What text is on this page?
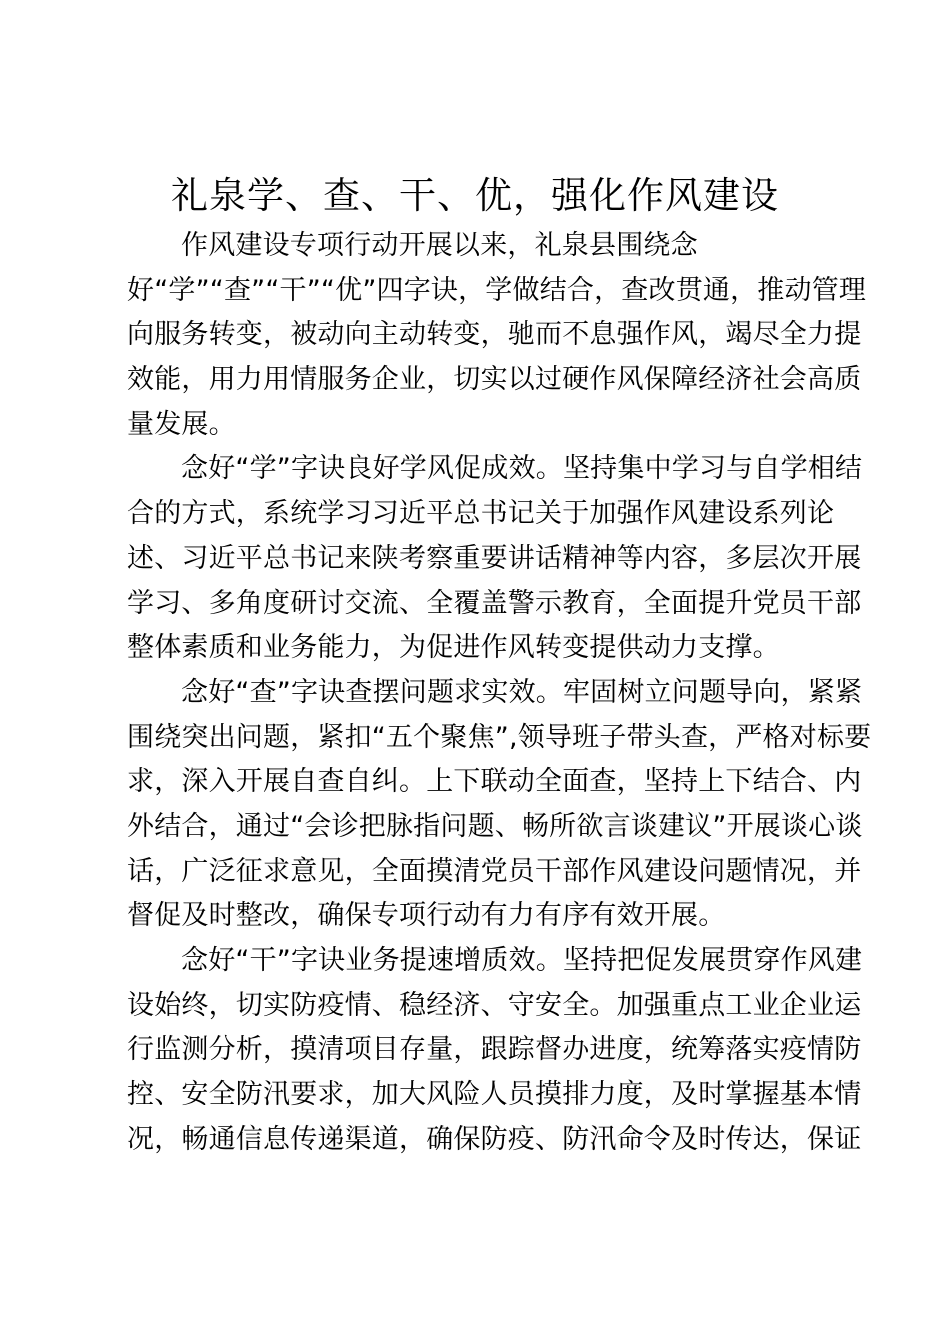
礼泉学、查、干、优，强化作风建设
作风建设专项行动开展以来，礼泉县围绕念
好“学”“查”“干”“优”四字诀，学做结合，查改贯通，推动管理
向服务转变，被动向主动转变，驰而不息强作风，竭尽全力提
效能，用力用情服务企业，切实以过硬作风保障经济社会高质
量发展。
念好“学”字诀良好学风促成效。坚持集中学习与自学相结
合的方式，系统学习习近平总书记关于加强作风建设系列论
述、习近平总书记来陕考察重要讲话精神等内容，多层次开展
学习、多角度研讨交流、全覆盖警示教育，全面提升党员干部
整体素质和业务能力，为促进作风转变提供动力支撑。
念好“查”字诀查摆问题求实效。牢固树立问题导向，紧紧
围绕突出问题，紧扣“五个聚焦”,领导班子带头查，严格对标要
求，深入开展自查自纠。上下联动全面查，坚持上下结合、内
外结合，通过“会诊把脉指问题、畅所欲言谈建议”开展谈心谈
话，广泛征求意见，全面摸清党员干部作风建设问题情况，并
督促及时整改，确保专项行动有力有序有效开展。
念好“干”字诀业务提速增质效。坚持把促发展贯穿作风建
设始终，切实防疫情、稳经济、守安全。加强重点工业企业运
行监测分析，摸清项目存量，跟踪督办进度，统筹落实疫情防
控、安全防汛要求，加大风险人员摸排力度，及时掌握基本情
况，畅通信息传递渠道，确保防疫、防汛命令及时传达，保证
